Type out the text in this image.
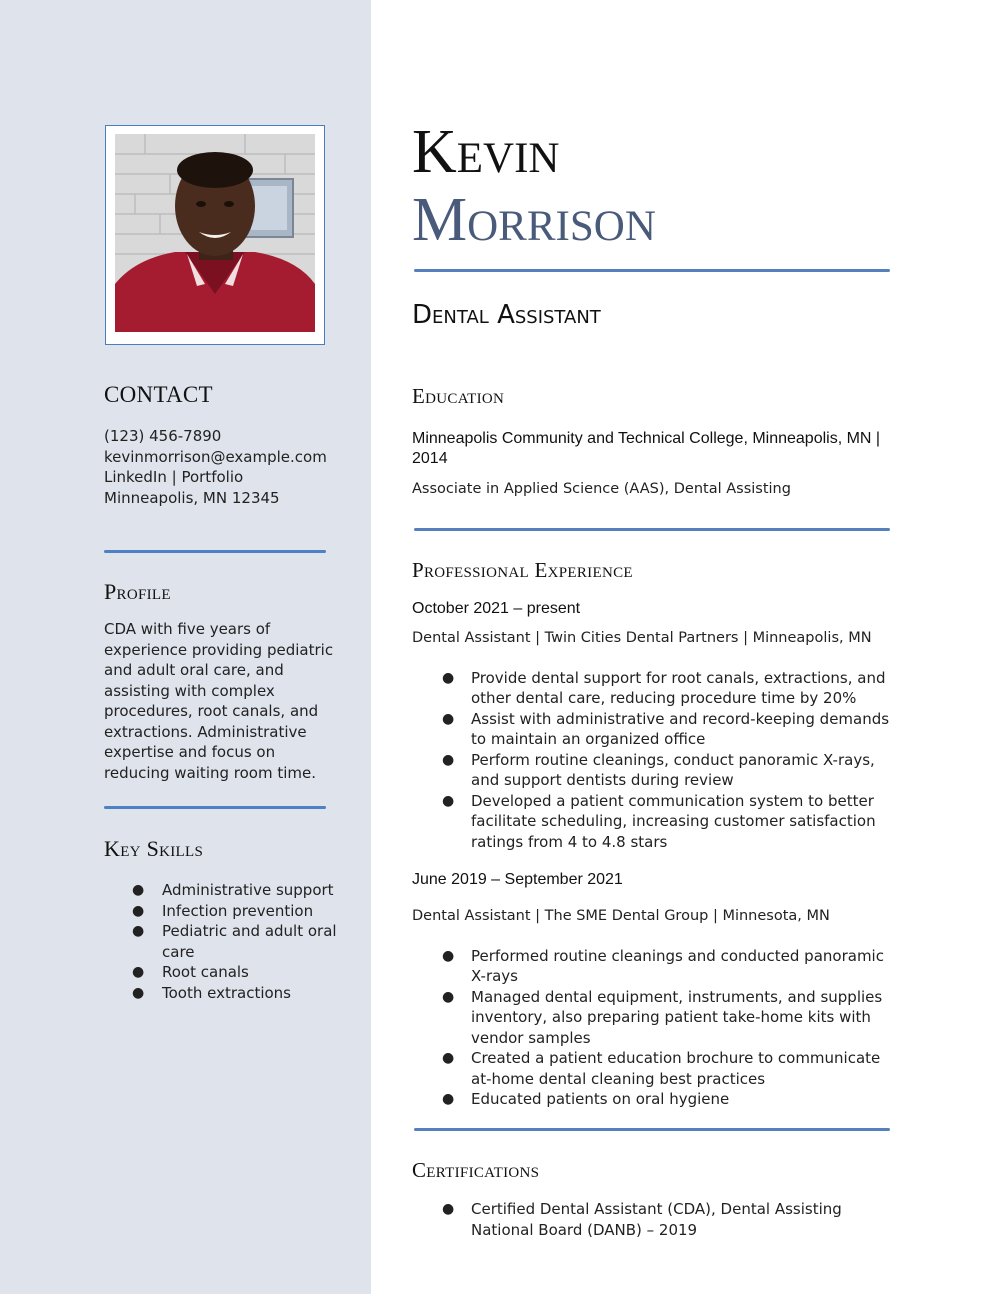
CONTACT
(123) 456-7890
kevinmorrison@example.com
LinkedIn | Portfolio
Minneapolis, MN 12345
Profile
CDA with five years of experience providing pediatric and adult oral care, and assisting with complex procedures, root canals, and extractions. Administrative expertise and focus on reducing waiting room time.
Key Skills
● Administrative support
● Infection prevention
● Pediatric and adult oral care
● Root canals
● Tooth extractions
Kevin
Morrison
Dental Assistant
Education
Minneapolis Community and Technical College, Minneapolis, MN | 2014
Associate in Applied Science (AAS), Dental Assisting
Professional Experience
October 2021 – present
Dental Assistant | Twin Cities Dental Partners | Minneapolis, MN
● Provide dental support for root canals, extractions, and other dental care, reducing procedure time by 20%
● Assist with administrative and record-keeping demands to maintain an organized office
● Perform routine cleanings, conduct panoramic X-rays, and support dentists during review
● Developed a patient communication system to better facilitate scheduling, increasing customer satisfaction ratings from 4 to 4.8 stars
June 2019 – September 2021
Dental Assistant | The SME Dental Group | Minnesota, MN
● Performed routine cleanings and conducted panoramic X-rays
● Managed dental equipment, instruments, and supplies inventory, also preparing patient take-home kits with vendor samples
● Created a patient education brochure to communicate at-home dental cleaning best practices
● Educated patients on oral hygiene
Certifications
● Certified Dental Assistant (CDA), Dental Assisting National Board (DANB) – 2019
